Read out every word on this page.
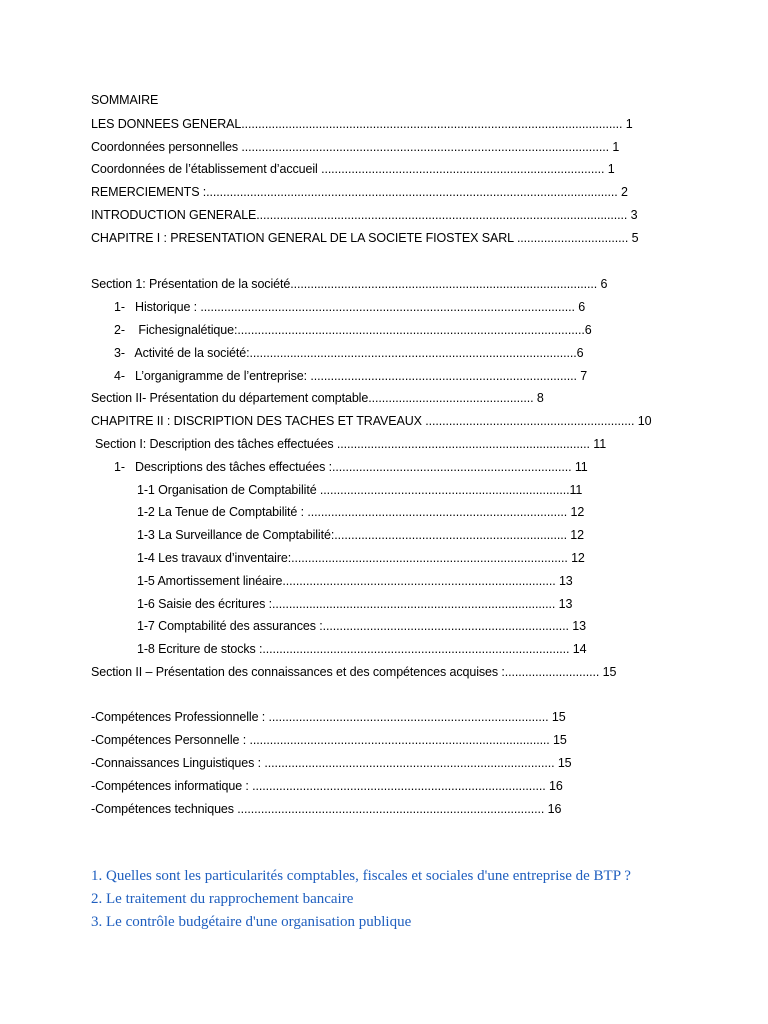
SOMMAIRE
LES DONNEES GENERAL................................................................................................................. 1
Coordonnées personnelles ............................................................................................................. 1
Coordonnées de l’établissement d’accueil .................................................................................... 1
REMERCIEMENTS :.......................................................................................................................... 2
INTRODUCTION GENERALE.............................................................................................................. 3
CHAPITRE I : PRESENTATION GENERAL DE LA SOCIETE FIOSTEX SARL ................................. 5
Section 1: Présentation de la société........................................................................................... 6
1-   Historique : ............................................................................................................... 6
2-    Fichesignalétique:.......................................................................................................6
3-   Activité de la société:.................................................................................................6
4-   L’organigramme de l’entreprise: ............................................................................... 7
Section II- Présentation du département comptable................................................. 8
CHAPITRE II : DISCRIPTION DES TACHES ET TRAVEAUX .............................................................. 10
Section I: Description des tâches effectuées ........................................................................... 11
1-   Descriptions des tâches effectuées :....................................................................... 11
1-1 Organisation de Comptabilité ..........................................................................11
1-2 La Tenue de Comptabilité : ............................................................................. 12
1-3 La Surveillance de Comptabilité:..................................................................... 12
1-4 Les travaux d’inventaire:.................................................................................. 12
1-5 Amortissement linéaire................................................................................. 13
1-6 Saisie des écritures :.................................................................................... 13
1-7 Comptabilité des assurances :......................................................................... 13
1-8 Ecriture de stocks :........................................................................................... 14
Section II – Présentation des connaissances et des compétences acquises :............................ 15
-Compétences Professionnelle : ................................................................................... 15
-Compétences Personnelle : ......................................................................................... 15
-Connaissances Linguistiques : ...................................................................................... 15
-Compétences informatique : ....................................................................................... 16
-Compétences techniques ........................................................................................... 16
1. Quelles sont les particularités comptables, fiscales et sociales d'une entreprise de BTP ?
2. Le traitement du rapprochement bancaire
3. Le contrôle budgétaire d'une organisation publique
